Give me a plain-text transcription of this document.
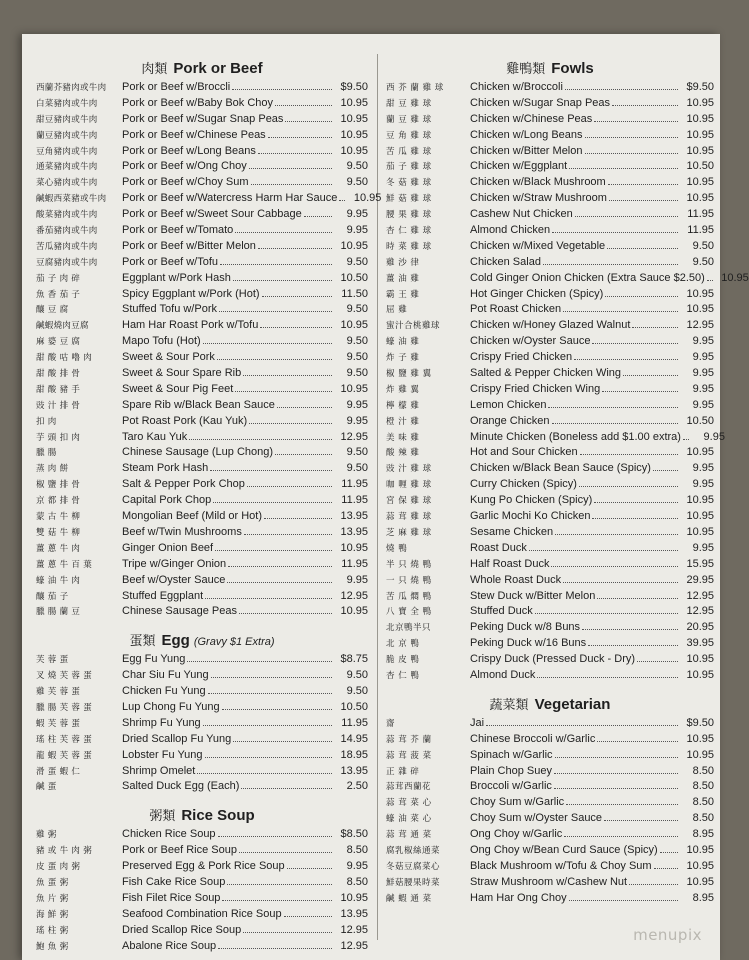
肉類 Pork or Beef
西蘭芥豬肉或牛肉	Pork or Beef w/Broccli	$9.50
白菜豬肉或牛肉	Pork or Beef w/Baby Bok Choy	10.95
甜豆豬肉或牛肉	Pork or Beef w/Sugar Snap Peas	10.95
蘭豆豬肉或牛肉	Pork or Beef w/Chinese Peas	10.95
豆角豬肉或牛肉	Pork or Beef w/Long Beans	10.95
通菜豬肉或牛肉	Pork or Beef w/Ong Choy	9.50
菜心豬肉或牛肉	Pork or Beef w/Choy Sum	9.50
鹹蝦西菜豬或牛肉	Pork or Beef w/Watercress Harm Har Sauce	10.95
酸菜豬肉或牛肉	Pork or Beef w/Sweet Sour Cabbage	9.95
番茄豬肉或牛肉	Pork or Beef w/Tomato	9.95
苦瓜豬肉或牛肉	Pork or Beef w/Bitter Melon	10.95
豆腐豬肉或牛肉	Pork or Beef w/Tofu	9.50
茄 子 肉 碎	Eggplant w/Pork Hash	10.50
魚 香 茄 子	Spicy Eggplant w/Pork (Hot)	11.50
釀 豆 腐	Stuffed Tofu w/Pork	9.50
鹹蝦燒肉豆腐	Ham Har Roast Pork w/Tofu	10.95
麻 婆 豆 腐	Mapo Tofu (Hot)	9.50
甜 酸 咕 嚕 肉	Sweet & Sour Pork	9.50
甜 酸 排 骨	Sweet & Sour Spare Rib	9.50
甜 酸 豬 手	Sweet & Sour Pig Feet	10.95
豉 汁 排 骨	Spare Rib w/Black Bean Sauce	9.95
扣 肉	Pot Roast Pork (Kau Yuk)	9.95
芋 頭 扣 肉	Taro Kau Yuk	12.95
臘 腸	Chinese Sausage (Lup Chong)	9.50
蒸 肉 餅	Steam Pork Hash	9.50
椒 鹽 排 骨	Salt & Pepper Pork Chop	11.95
京 都 排 骨	Capital Pork Chop	11.95
蒙 古 牛 柳	Mongolian Beef (Mild or Hot)	13.95
雙 菇 牛 柳	Beef w/Twin Mushrooms	13.95
薑 蔥 牛 肉	Ginger Onion Beef	10.95
薑 蔥 牛 百 葉	Tripe w/Ginger Onion	11.95
蠔 油 牛 肉	Beef w/Oyster Sauce	9.95
釀 茄 子	Stuffed Eggplant	12.95
臘 腸 蘭 豆	Chinese Sausage Peas	10.95
蛋類 Egg (Gravy $1 Extra)
芙 蓉 蛋	Egg Fu Yung	$8.75
叉 燒 芙 蓉 蛋	Char Siu Fu Yung	9.50
雞 芙 蓉 蛋	Chicken Fu Yung	9.50
臘 腸 芙 蓉 蛋	Lup Chong Fu Yung	10.50
蝦 芙 蓉 蛋	Shrimp Fu Yung	11.95
瑤 柱 芙 蓉 蛋	Dried Scallop Fu Yung	14.95
龍 蝦 芙 蓉 蛋	Lobster Fu Yung	18.95
滑 蛋 蝦 仁	Shrimp Omelet	13.95
鹹 蛋	Salted Duck Egg (Each)	2.50
粥類 Rice Soup
雞 粥	Chicken Rice Soup	$8.50
豬 或 牛 肉 粥	Pork or Beef Rice Soup	8.50
皮 蛋 肉 粥	Preserved Egg & Pork Rice Soup	9.95
魚 蛋 粥	Fish Cake Rice Soup	8.50
魚 片 粥	Fish Filet Rice Soup	10.95
海 鮮 粥	Seafood Combination Rice Soup	13.95
瑤 柱 粥	Dried Scallop Rice Soup	12.95
鮑 魚 粥	Abalone Rice Soup	12.95
雞鴨類 Fowls
西 芥 蘭 雞 球	Chicken w/Broccoli	$9.50
甜 豆 雞 球	Chicken w/Sugar Snap Peas	10.95
蘭 豆 雞 球	Chicken w/Chinese Peas	10.95
豆 角 雞 球	Chicken w/Long Beans	10.95
苦 瓜 雞 球	Chicken w/Bitter Melon	10.95
茄 子 雞 球	Chicken w/Eggplant	10.50
冬 菇 雞 球	Chicken w/Black Mushroom	10.95
鮮 菇 雞 球	Chicken w/Straw Mushroom	10.95
腰 果 雞 球	Cashew Nut Chicken	11.95
杏 仁 雞 球	Almond Chicken	11.95
時 菜 雞 球	Chicken w/Mixed Vegetable	9.50
雞 沙 律	Chicken Salad	9.50
薑 油 雞	Cold Ginger Onion Chicken (Extra Sauce $2.50)	10.95
霸 王 雞	Hot Ginger Chicken (Spicy)	10.95
屈 雞	Pot Roast Chicken	10.95
蜜汁合桃雞球	Chicken w/Honey Glazed Walnut	12.95
蠔 油 雞	Chicken w/Oyster Sauce	9.95
炸 子 雞	Crispy Fried Chicken	9.95
椒 鹽 雞 翼	Salted & Pepper Chicken Wing	9.95
炸 雞 翼	Crispy Fried Chicken Wing	9.95
檸 檬 雞	Lemon Chicken	9.95
橙 汁 雞	Orange Chicken	10.50
美 味 雞	Minute Chicken (Boneless add $1.00 extra)	9.95
酸 辣 雞	Hot and Sour Chicken	10.95
豉 汁 雞 球	Chicken w/Black Bean Sauce (Spicy)	9.95
咖 喱 雞 球	Curry Chicken (Spicy)	9.95
宮 保 雞 球	Kung Po Chicken (Spicy)	10.95
蒜 茸 雞 球	Garlic Mochi Ko Chicken	10.95
芝 麻 雞 球	Sesame Chicken	10.95
燒 鴨	Roast Duck	9.95
半 只 燒 鴨	Half Roast Duck	15.95
一 只 燒 鴨	Whole Roast Duck	29.95
苦 瓜 燜 鴨	Stew Duck w/Bitter Melon	12.95
八 寶 全 鴨	Stuffed Duck	12.95
北京鴨半只	Peking Duck w/8 Buns	20.95
北 京 鴨	Peking Duck w/16 Buns	39.95
脆 皮 鴨	Crispy Duck (Pressed Duck - Dry)	10.95
杏 仁 鴨	Almond Duck	10.95
蔬菜類 Vegetarian
齋	Jai	$9.50
蒜 茸 芥 蘭	Chinese Broccoli w/Garlic	10.95
蒜 茸 菠 菜	Spinach w/Garlic	10.95
正 雜 碎	Plain Chop Suey	8.50
蒜茸西蘭花	Broccoli w/Garlic	8.50
蒜 茸 菜 心	Choy Sum w/Garlic	8.50
蠔 油 菜 心	Choy Sum w/Oyster Sauce	8.50
蒜 茸 通 菜	Ong Choy w/Garlic	8.95
腐乳椒絲通菜	Ong Choy w/Bean Curd Sauce (Spicy)	10.95
冬菇豆腐菜心	Black Mushroom w/Tofu & Choy Sum	10.95
鮮菇腰果時菜	Straw Mushroom w/Cashew Nut	10.95
鹹 蝦 通 菜	Ham Har Ong Choy	8.95
menupix
